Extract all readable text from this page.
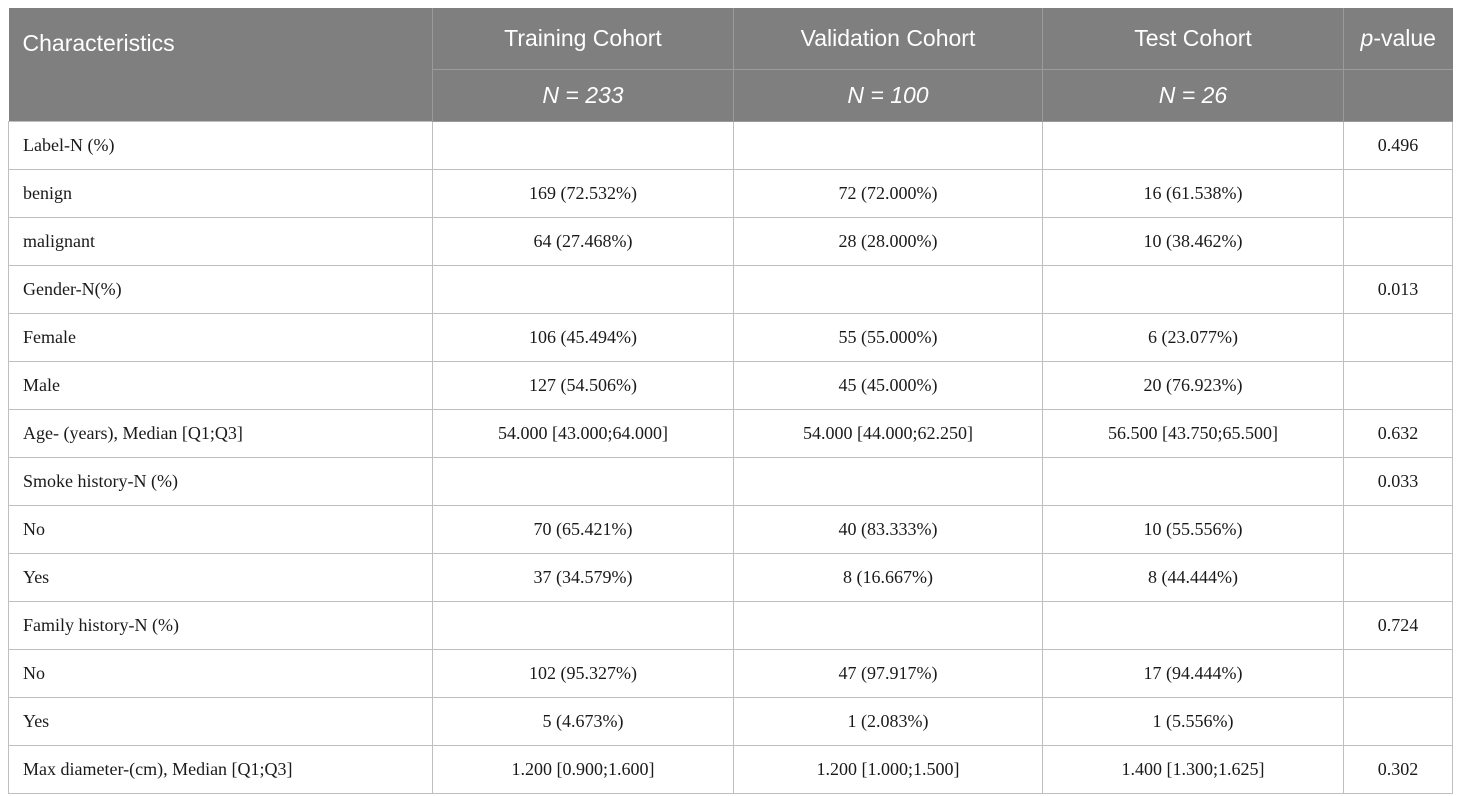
Characteristics	Training Cohort	Validation Cohort	Test Cohort	p-value
	N = 233	N = 100	N = 26	
Label-N (%)				0.496
benign	169 (72.532%)	72 (72.000%)	16 (61.538%)	
malignant	64 (27.468%)	28 (28.000%)	10 (38.462%)	
Gender-N(%)				0.013
Female	106 (45.494%)	55 (55.000%)	6 (23.077%)	
Male	127 (54.506%)	45 (45.000%)	20 (76.923%)	
Age- (years), Median [Q1;Q3]	54.000 [43.000;64.000]	54.000 [44.000;62.250]	56.500 [43.750;65.500]	0.632
Smoke history-N (%)				0.033
No	70 (65.421%)	40 (83.333%)	10 (55.556%)	
Yes	37 (34.579%)	8 (16.667%)	8 (44.444%)	
Family history-N (%)				0.724
No	102 (95.327%)	47 (97.917%)	17 (94.444%)	
Yes	5 (4.673%)	1 (2.083%)	1 (5.556%)	
Max diameter-(cm), Median [Q1;Q3]	1.200 [0.900;1.600]	1.200 [1.000;1.500]	1.400 [1.300;1.625]	0.302
